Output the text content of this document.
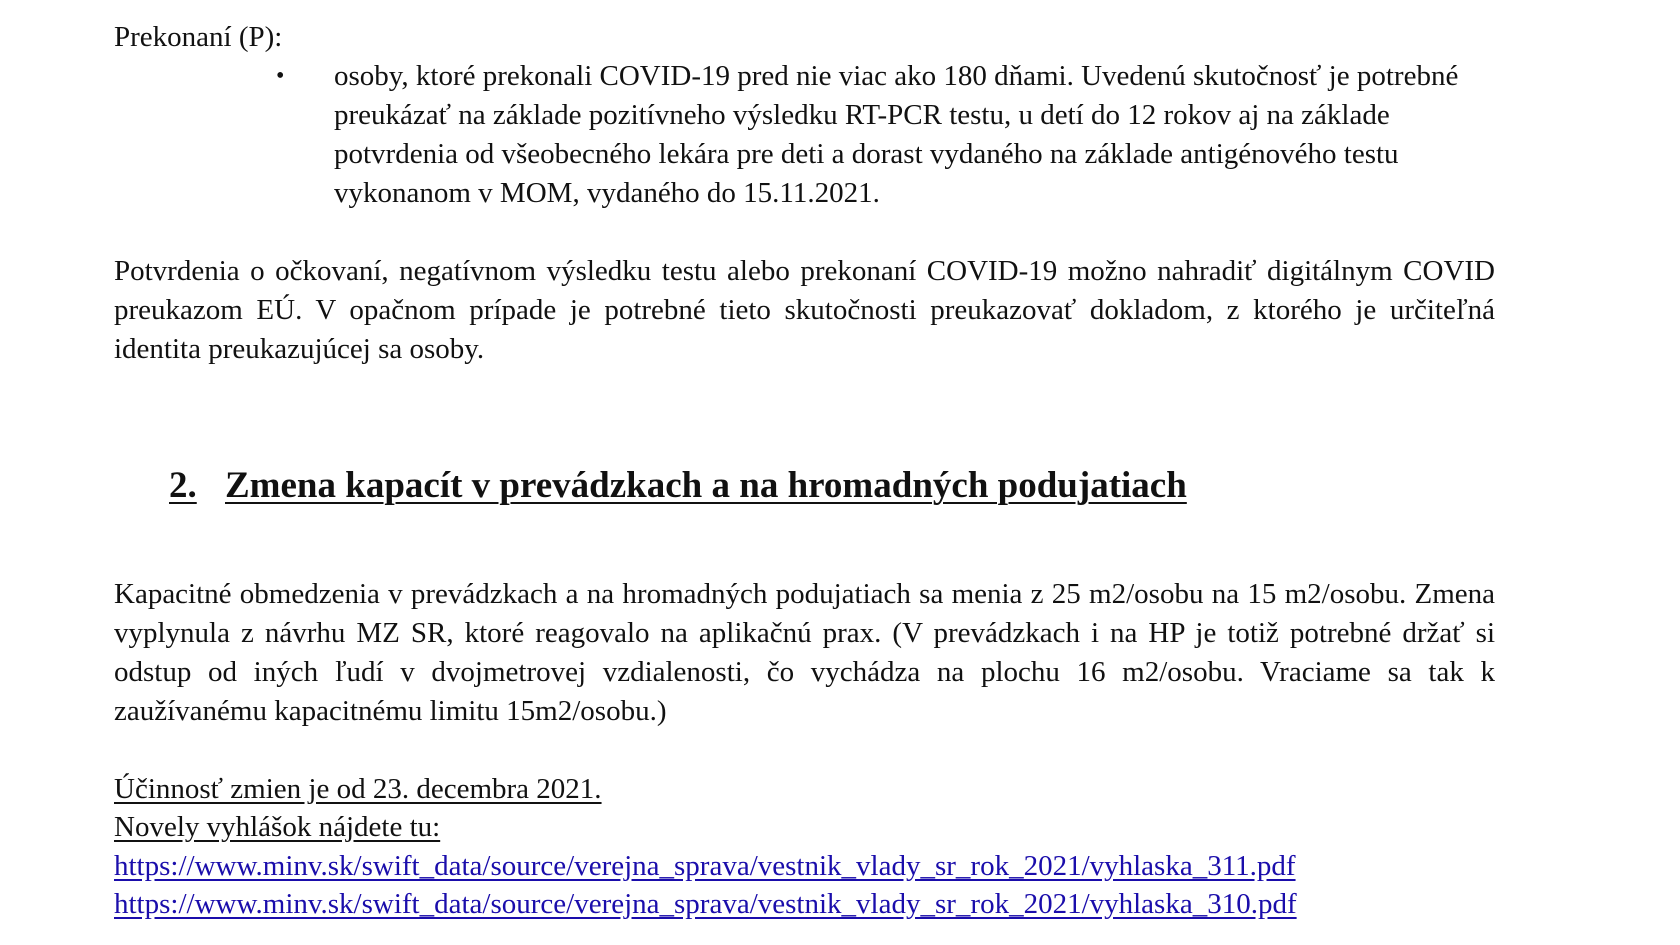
Prekonaní (P):
•	osoby, ktoré prekonali COVID-19 pred nie viac ako 180 dňami. Uvedenú skutočnosť je potrebné preukázať na základe pozitívneho výsledku RT-PCR testu, u detí do 12 rokov aj na základe potvrdenia od všeobecného lekára pre deti a dorast vydaného na základe antigénového testu vykonanom v MOM, vydaného do 15.11.2021.
Potvrdenia o očkovaní, negatívnom výsledku testu alebo prekonaní COVID-19 možno nahradiť digitálnym COVID preukazom EÚ. V opačnom prípade je potrebné tieto skutočnosti preukazovať dokladom, z ktorého je určiteľná identita preukazujúcej sa osoby.
2. Zmena kapacít v prevádzkach a na hromadných podujatiach
Kapacitné obmedzenia v prevádzkach a na hromadných podujatiach sa menia z 25 m2/osobu na 15 m2/osobu. Zmena vyplynula z návrhu MZ SR, ktoré reagovalo na aplikačnú prax. (V prevádzkach i na HP je totiž potrebné držať si odstup od iných ľudí v dvojmetrovej vzdialenosti, čo vychádza na plochu 16 m2/osobu. Vraciame sa tak k zaužívanému kapacitnému limitu 15m2/osobu.)
Účinnosť zmien je od 23. decembra 2021.
Novely vyhlášok nájdete tu:
https://www.minv.sk/swift_data/source/verejna_sprava/vestnik_vlady_sr_rok_2021/vyhlaska_311.pdf
https://www.minv.sk/swift_data/source/verejna_sprava/vestnik_vlady_sr_rok_2021/vyhlaska_310.pdf
